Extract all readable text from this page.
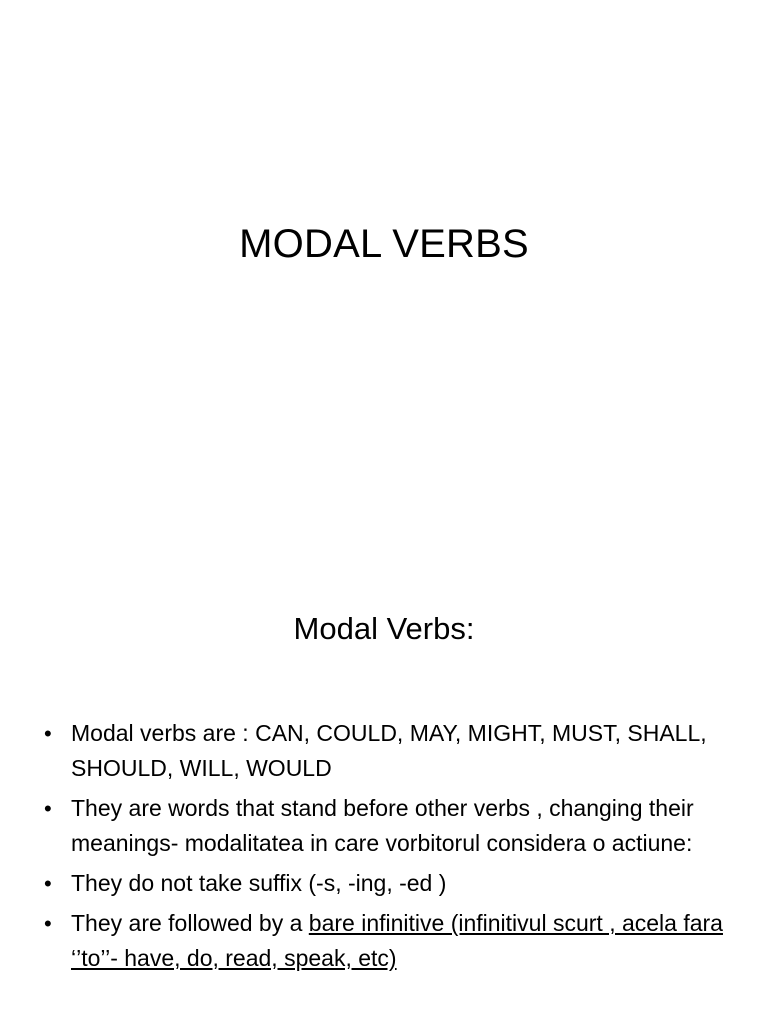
MODAL VERBS
Modal Verbs:
• Modal verbs are : CAN, COULD, MAY, MIGHT, MUST, SHALL, SHOULD, WILL, WOULD
• They are words that stand before other verbs , changing their meanings- modalitatea in care vorbitorul considera o actiune:
• They do not take suffix (-s, -ing, -ed )
• They are followed by a bare infinitive (infinitivul scurt , acela fara ‘’to’’- have, do, read, speak, etc)
